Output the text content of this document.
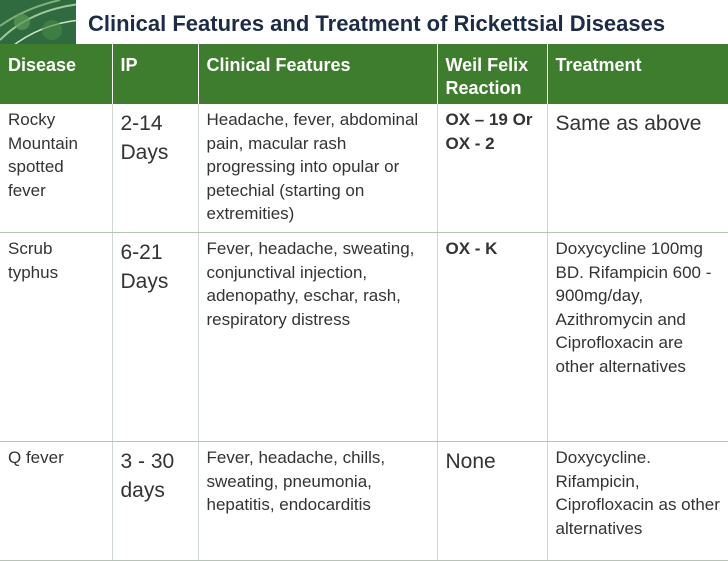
Clinical Features and Treatment of Rickettsial Diseases
Disease	IP	Clinical Features	Weil Felix Reaction	Treatment
Rocky Mountain spotted fever	2-14 Days	Headache, fever, abdominal pain, macular rash progressing into opular or petechial (starting on extremities)	OX – 19 Or OX - 2	Same as above
Scrub typhus	6-21 Days	Fever, headache, sweating, conjunctival injection, adenopathy, eschar, rash, respiratory distress	OX - K	Doxycycline 100mg BD. Rifampicin 600 - 900mg/day, Azithromycin and Ciprofloxacin are other alternatives
Q fever	3 - 30 days	Fever, headache, chills, sweating, pneumonia, hepatitis, endocarditis	None	Doxycycline. Rifampicin, Ciprofloxacin as other alternatives
